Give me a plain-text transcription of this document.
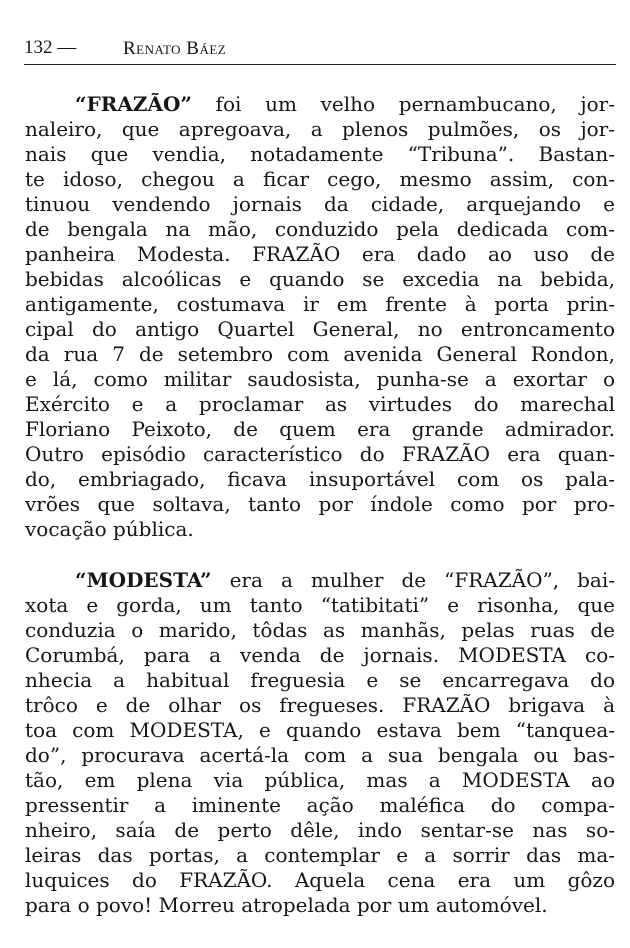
132 — Renato Báez
“FRAZÃO” foi um velho pernambucano, jor-
naleiro, que apregoava, a plenos pulmões, os jor-
nais que vendia, notadamente “Tribuna”. Bastan-
te idoso, chegou a ficar cego, mesmo assim, con-
tinuou vendendo jornais da cidade, arquejando e
de bengala na mão, conduzido pela dedicada com-
panheira Modesta. FRAZÃO era dado ao uso de
bebidas alcoólicas e quando se excedia na bebida,
antigamente, costumava ir em frente à porta prin-
cipal do antigo Quartel General, no entroncamento
da rua 7 de setembro com avenida General Rondon,
e lá, como militar saudosista, punha-se a exortar o
Exército e a proclamar as virtudes do marechal
Floriano Peixoto, de quem era grande admirador.
Outro episódio característico do FRAZÃO era quan-
do, embriagado, ficava insuportável com os pala-
vrões que soltava, tanto por índole como por pro-
vocação pública.
“MODESTA” era a mulher de “FRAZÃO”, bai-
xota e gorda, um tanto “tatibitati” e risonha, que
conduzia o marido, tôdas as manhãs, pelas ruas de
Corumbá, para a venda de jornais. MODESTA co-
nhecia a habitual freguesia e se encarregava do
trôco e de olhar os fregueses. FRAZÃO brigava à
toa com MODESTA, e quando estava bem “tanquea-
do”, procurava acertá-la com a sua bengala ou bas-
tão, em plena via pública, mas a MODESTA ao
pressentir a iminente ação maléfica do compa-
nheiro, saía de perto dêle, indo sentar-se nas so-
leiras das portas, a contemplar e a sorrir das ma-
luquices do FRAZÃO. Aquela cena era um gôzo
para o povo! Morreu atropelada por um automóvel.
